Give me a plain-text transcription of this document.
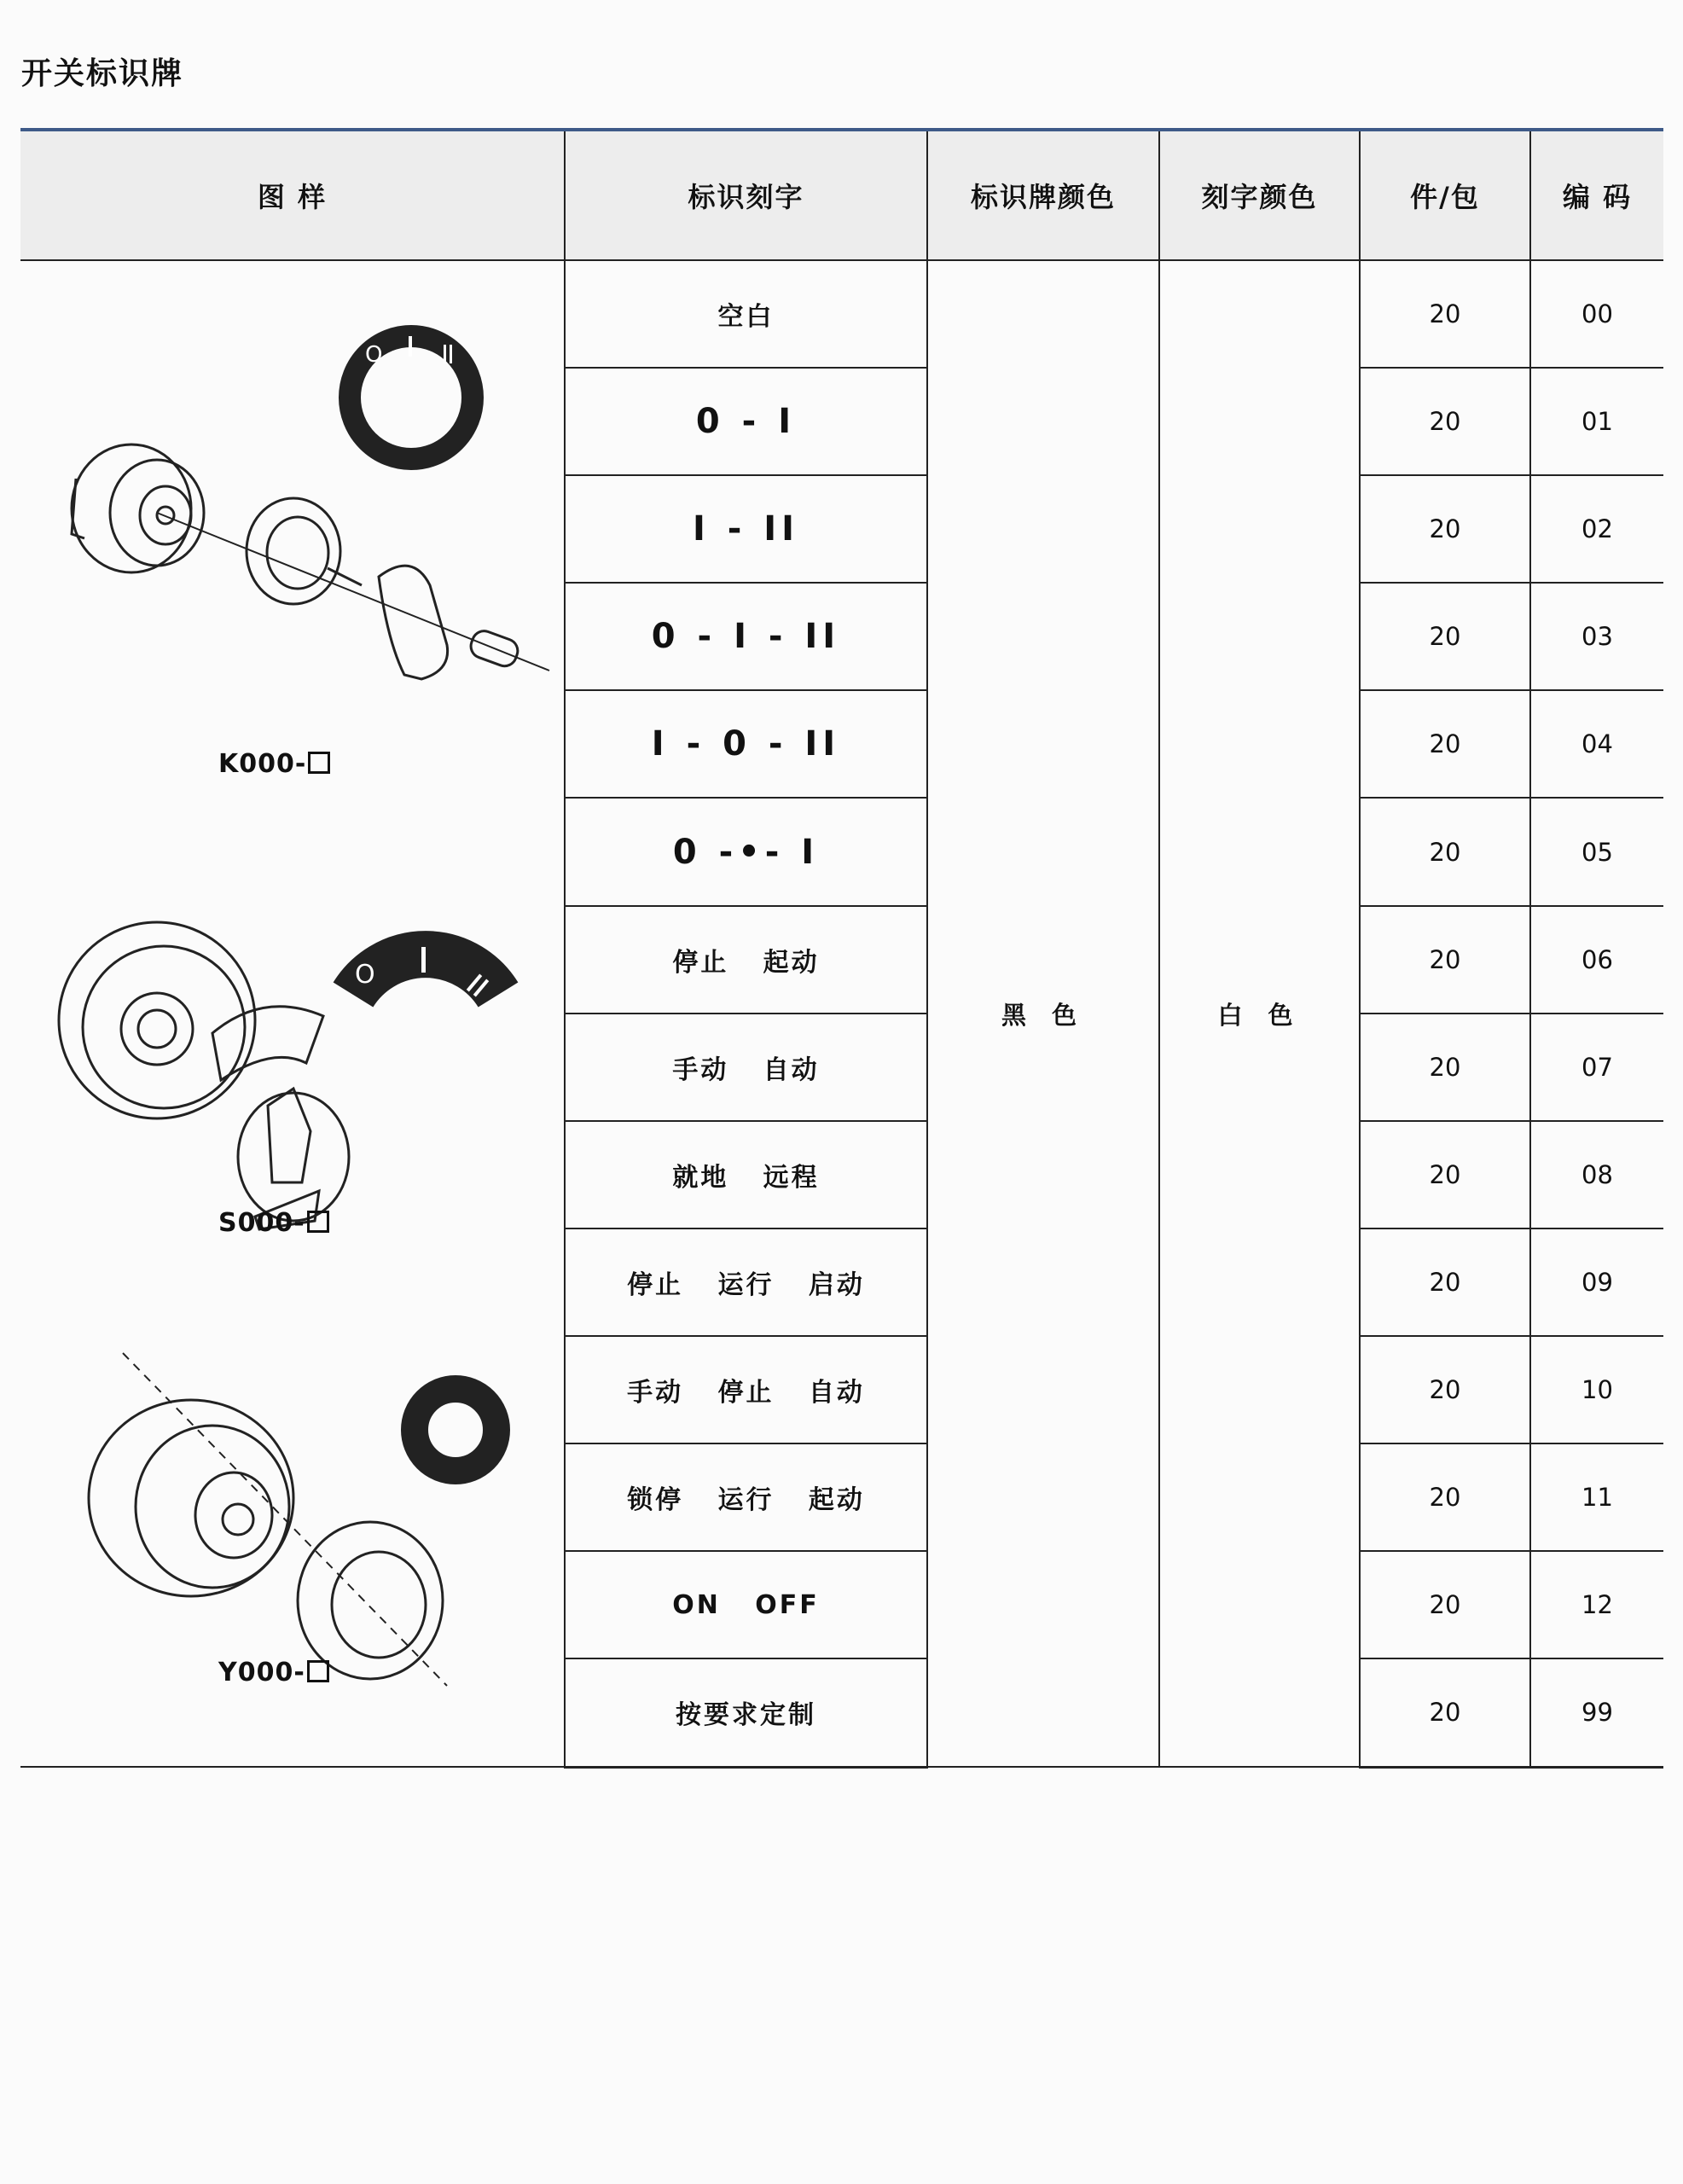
开关标识牌
图 样	标识刻字	标识牌颜色	刻字颜色	件/包	编 码

O
K000-
O
S000-
Y000-	空白	黑 色	白 色	20	00
	0 - I			20	01
	I - II			20	02
	0 - I - II			20	03
	I - 0 - II			20	04
	0 -•- I			20	05
	停止   起动			20	06
	手动   自动			20	07
	就地   远程			20	08
	停止   运行   启动			20	09
	手动   停止   自动			20	10
	锁停   运行   起动			20	11
	ON   OFF			20	12
	按要求定制			20	99
